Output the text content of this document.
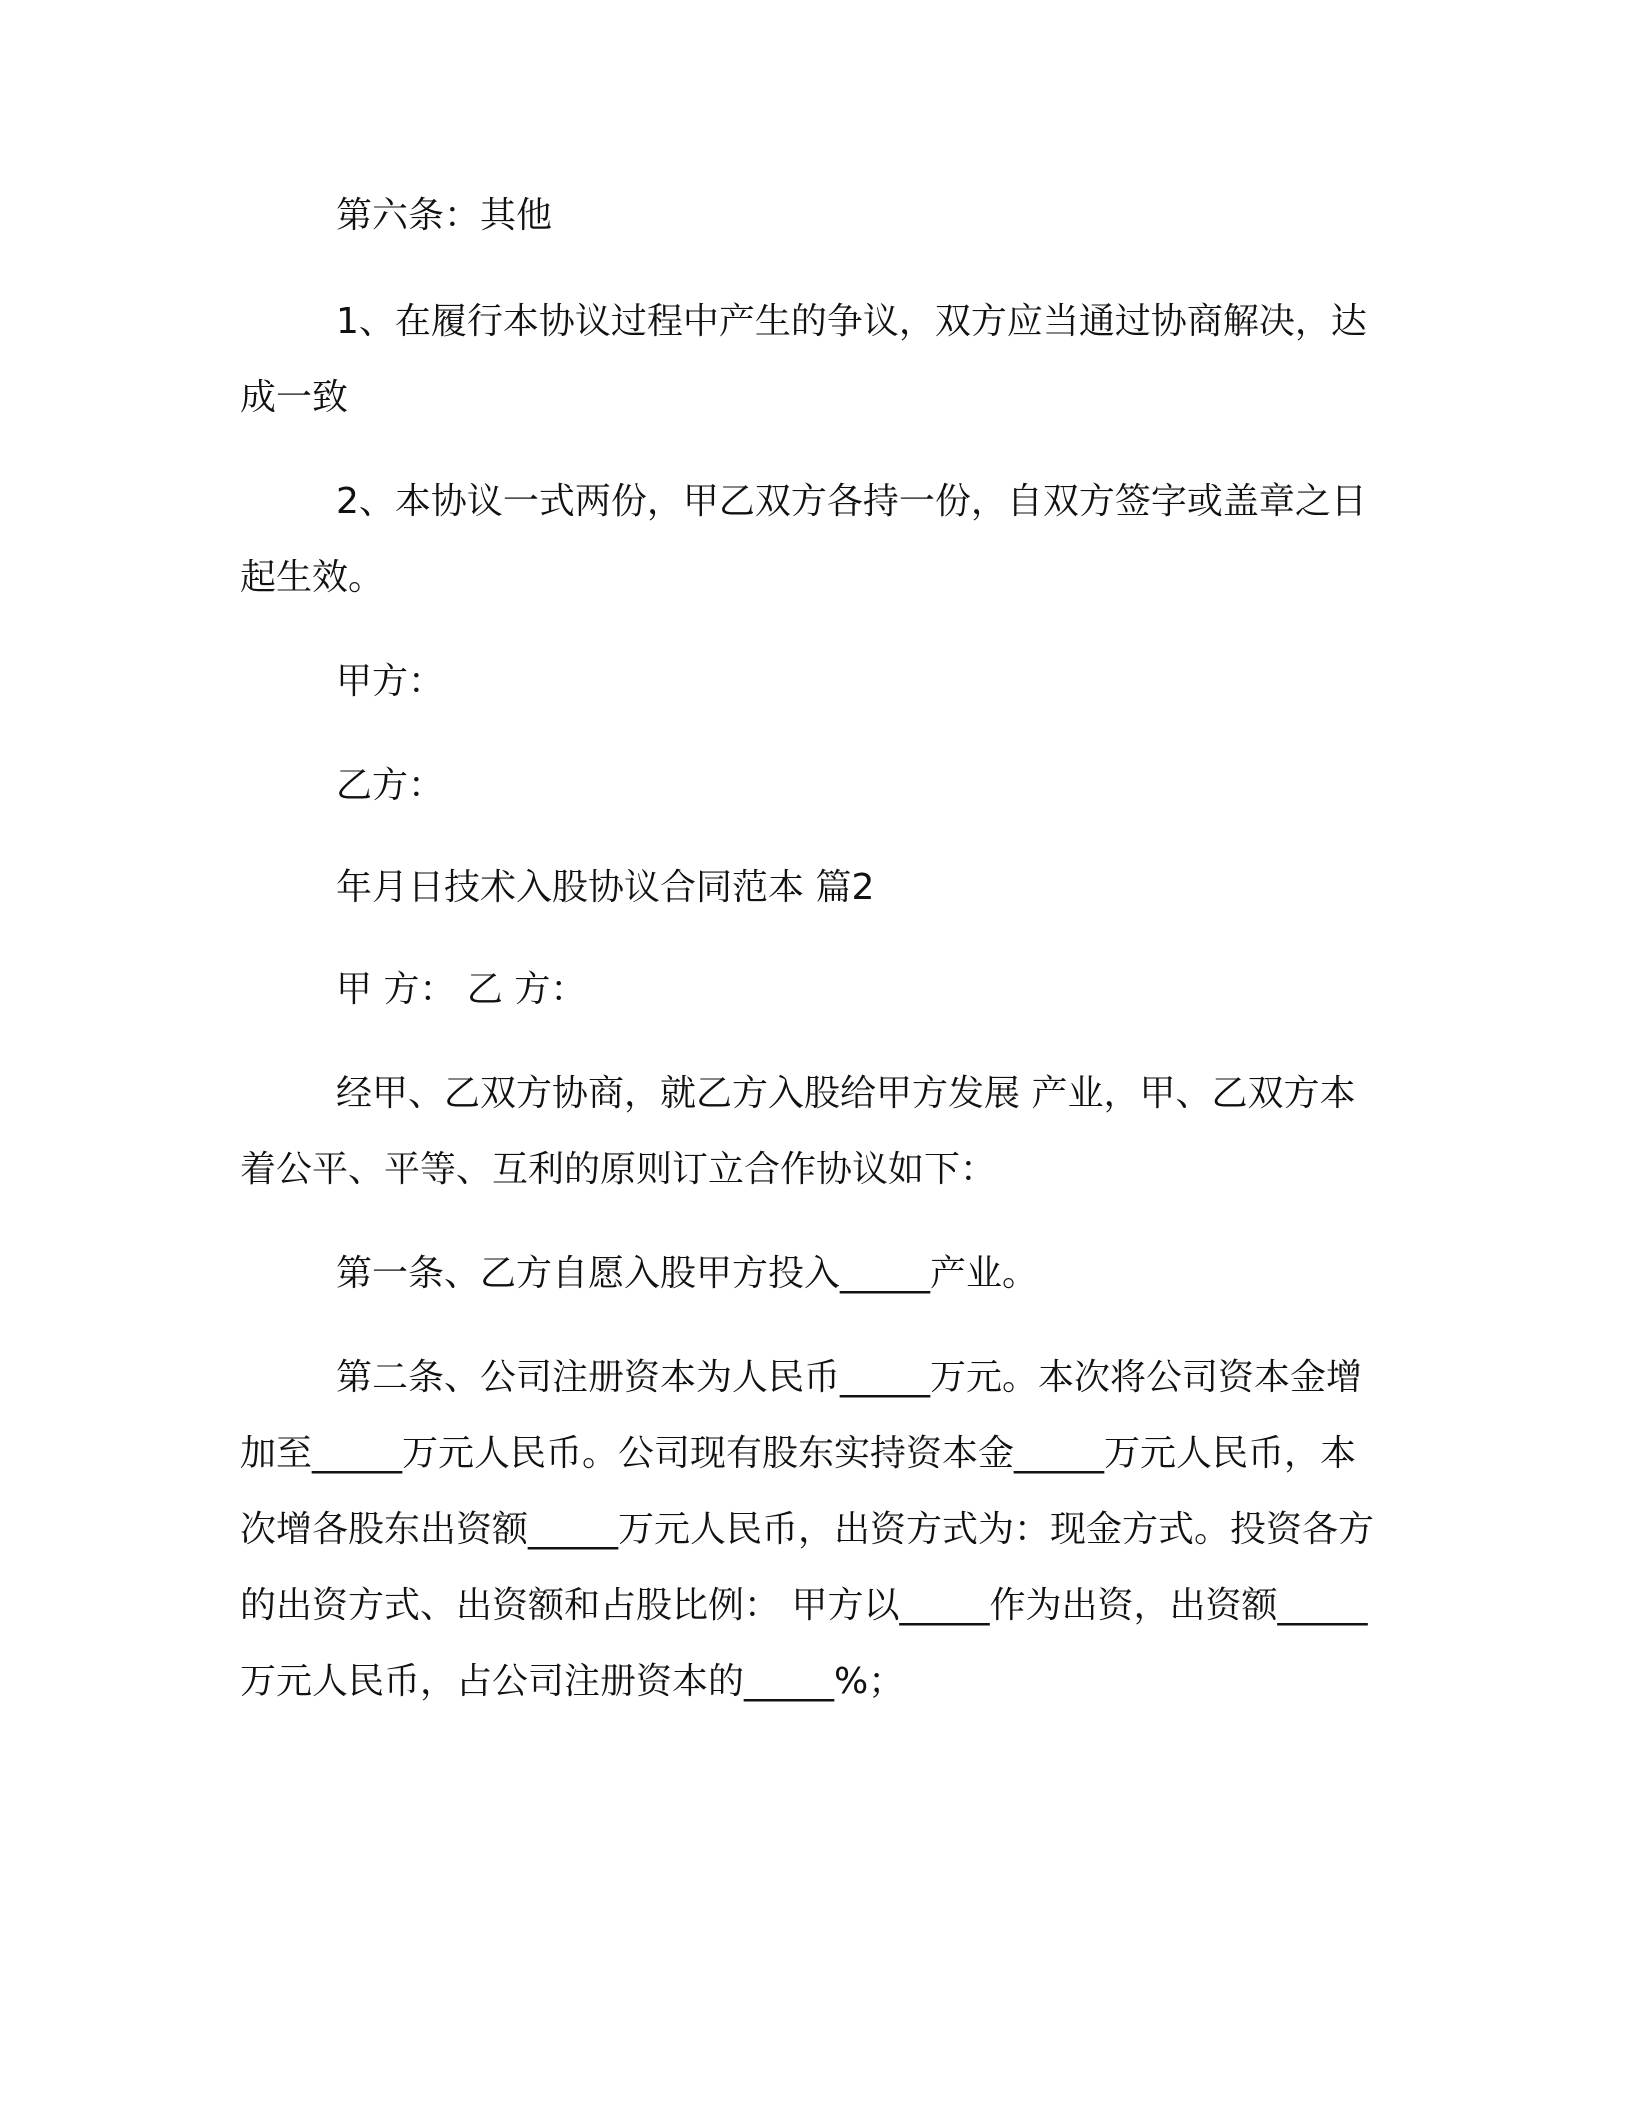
第六条：其他

1、在履行本协议过程中产生的争议，双方应当通过协商解决，达成一致

2、本协议一式两份，甲乙双方各持一份，自双方签字或盖章之日起生效。

甲方：

乙方：

年月日技术入股协议合同范本 篇2

甲 方： 乙 方：

经甲、乙双方协商，就乙方入股给甲方发展 产业，甲、乙双方本着公平、平等、互利的原则订立合作协议如下：

第一条、乙方自愿入股甲方投入_____产业。

第二条、公司注册资本为人民币_____万元。本次将公司资本金增加至_____万元人民币。公司现有股东实持资本金_____万元人民币，本次增各股东出资额_____万元人民币，出资方式为：现金方式。投资各方的出资方式、出资额和占股比例： 甲方以_____作为出资，出资额_____万元人民币，占公司注册资本的_____%；
